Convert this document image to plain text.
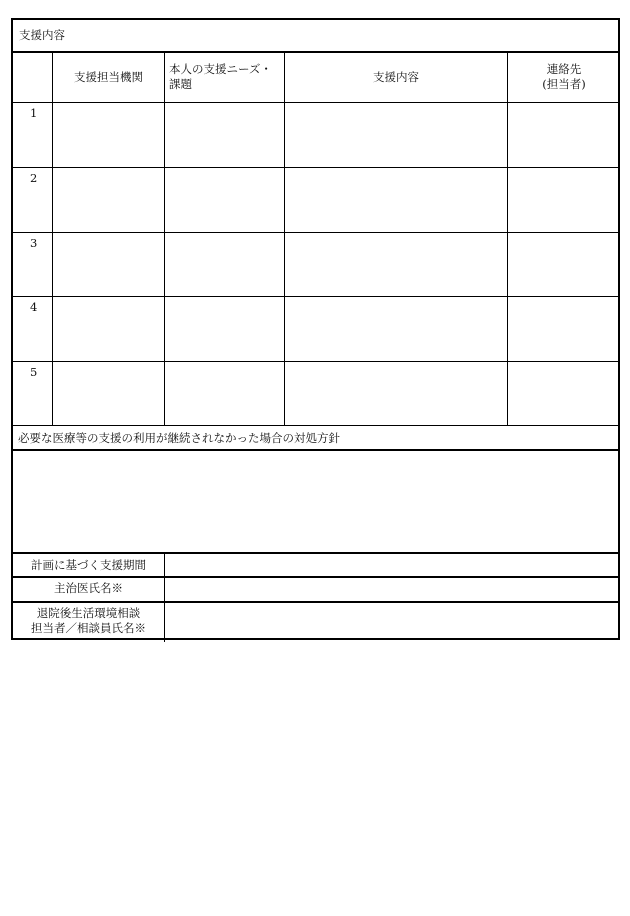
支援内容
支援担当機関
本人の支援ニーズ・
課題	支援内容
連絡先
(担当者)
1
2
3
4
5
必要な医療等の支援の利用が継続されなかった場合の対処方針
計画に基づく支援期間
主治医氏名※
退院後生活環境相談
担当者／相談員氏名※
